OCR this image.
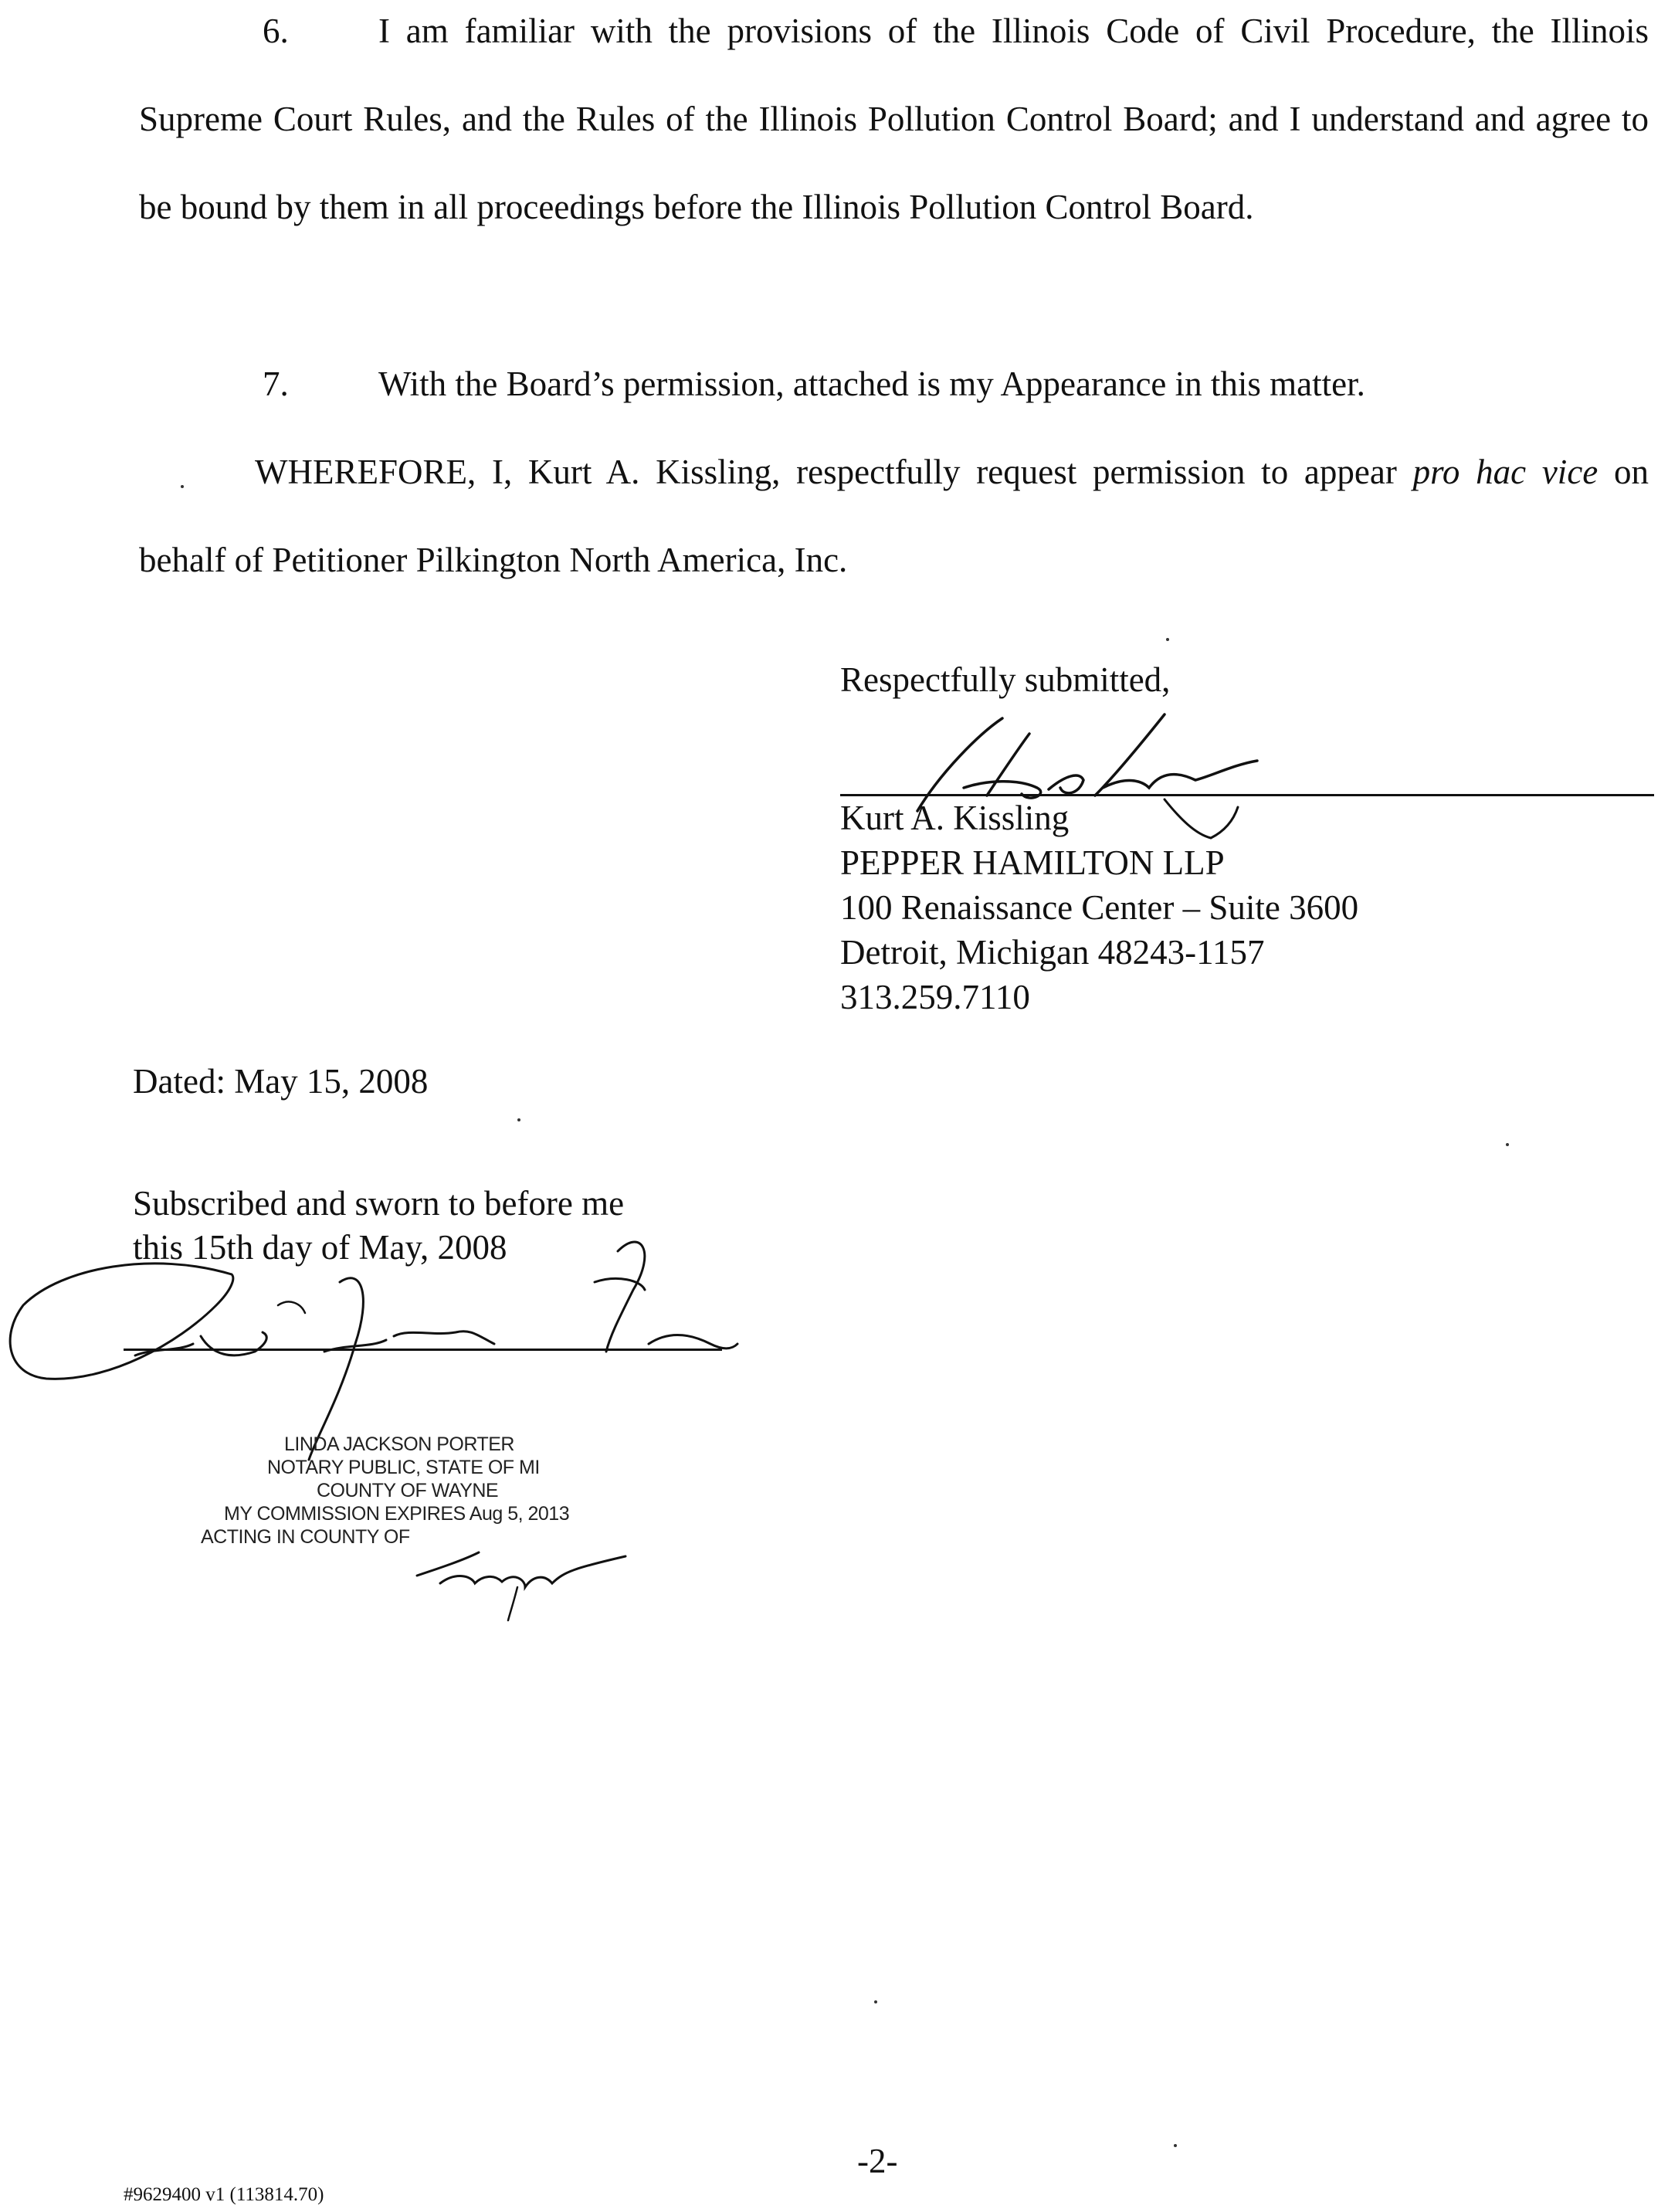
6.	I am familiar with the provisions of the Illinois Code of Civil Procedure, the Illinois Supreme Court Rules, and the Rules of the Illinois Pollution Control Board; and I understand and agree to be bound by them in all proceedings before the Illinois Pollution Control Board.

7.	With the Board’s permission, attached is my Appearance in this matter.

WHEREFORE, I, Kurt A. Kissling, respectfully request permission to appear pro hac vice on behalf of Petitioner Pilkington North America, Inc.

Respectfully submitted,
Kurt A. Kissling
PEPPER HAMILTON LLP
100 Renaissance Center – Suite 3600
Detroit, Michigan 48243-1157
313.259.7110
Dated: May 15, 2008
Subscribed and sworn to before me
this 15th day of May, 2008
LINDA JACKSON PORTER
NOTARY PUBLIC, STATE OF MI
COUNTY OF WAYNE
MY COMMISSION EXPIRES Aug 5, 2013
ACTING IN COUNTY OF
-2-
#9629400 v1 (113814.70)
